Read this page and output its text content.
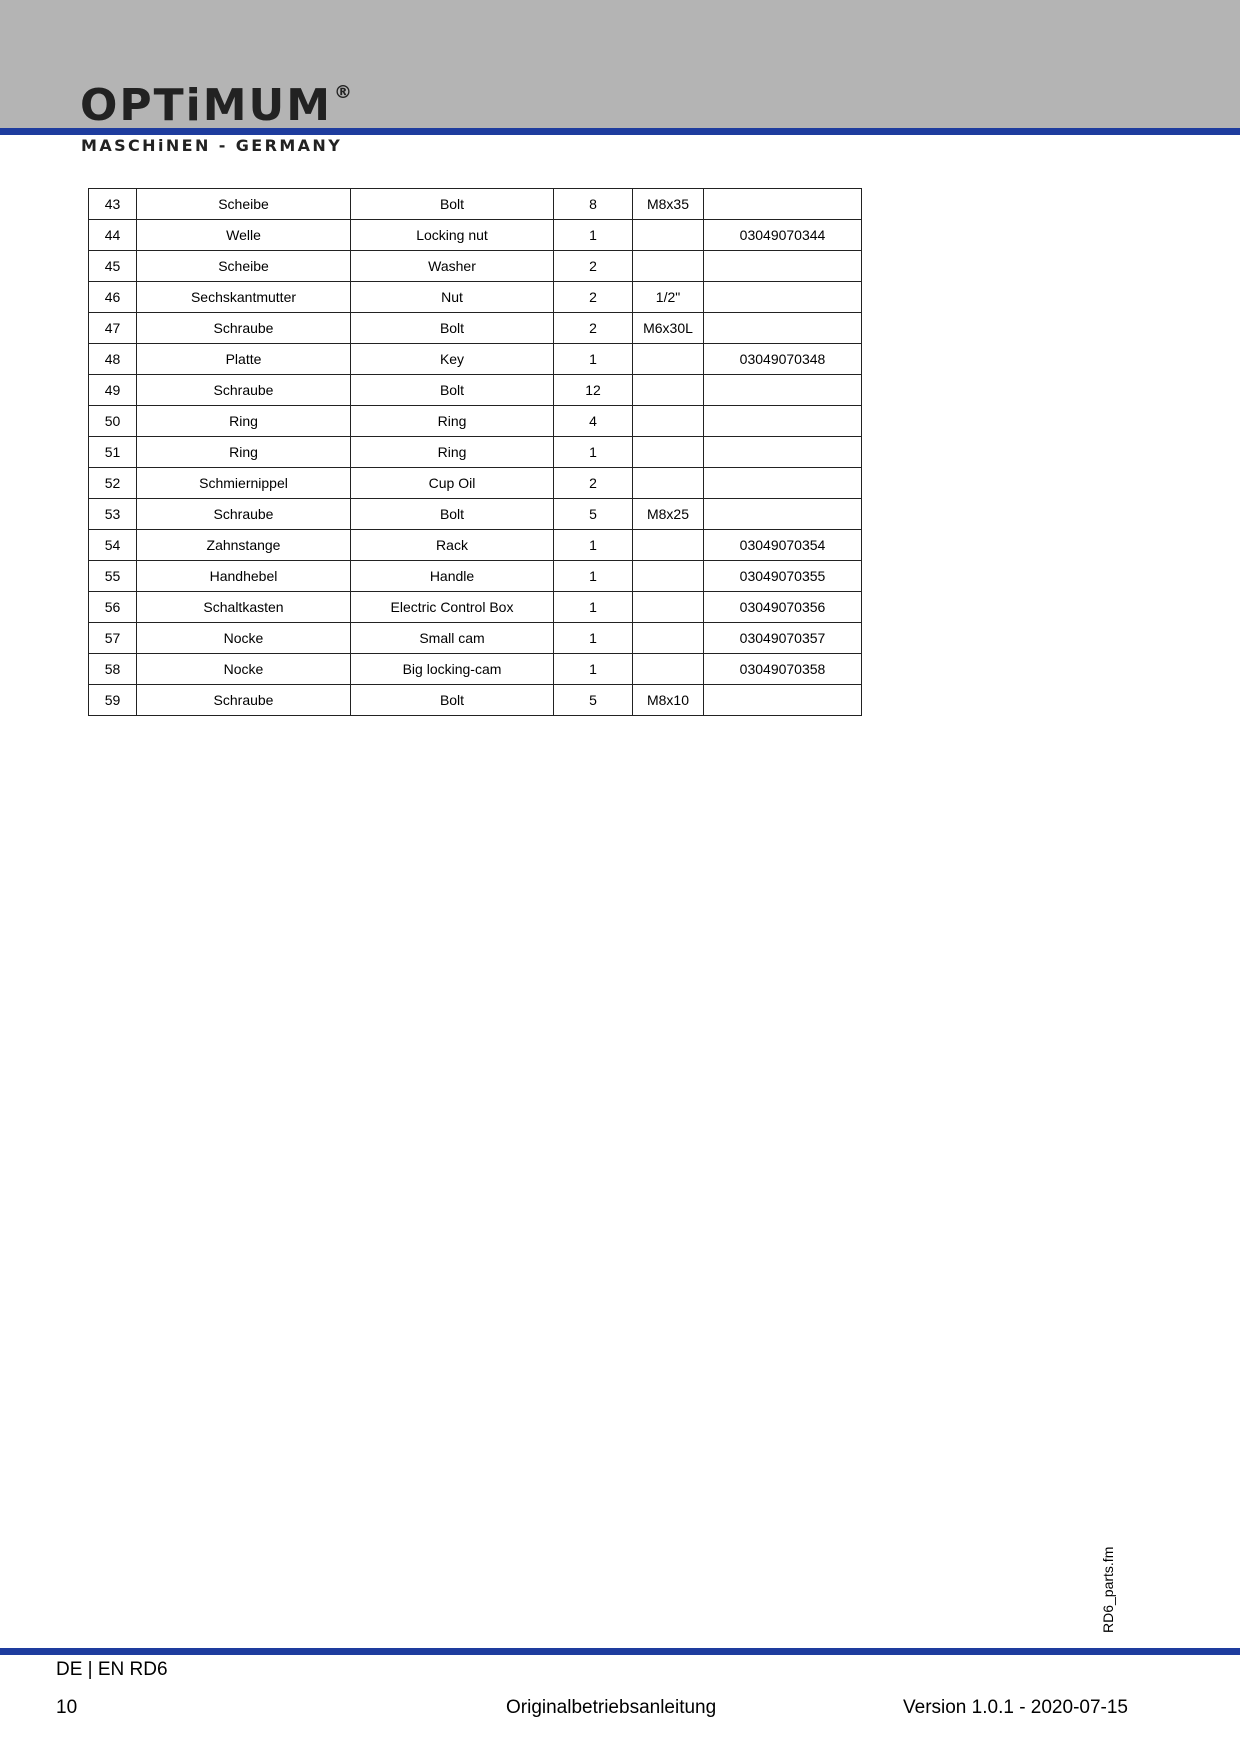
OPTiMUM ®
MASCHiNEN - GERMANY
43	Scheibe	Bolt	8	M8x35	
44	Welle	Locking nut	1		03049070344
45	Scheibe	Washer	2		
46	Sechskantmutter	Nut	2	1/2"	
47	Schraube	Bolt	2	M6x30L	
48	Platte	Key	1		03049070348
49	Schraube	Bolt	12		
50	Ring	Ring	4		
51	Ring	Ring	1		
52	Schmiernippel	Cup Oil	2		
53	Schraube	Bolt	5	M8x25	
54	Zahnstange	Rack	1		03049070354
55	Handhebel	Handle	1		03049070355
56	Schaltkasten	Electric Control Box	1		03049070356
57	Nocke	Small cam	1		03049070357
58	Nocke	Big locking-cam	1		03049070358
59	Schraube	Bolt	5	M8x10	
RD6_parts.fm
DE | EN RD6
10	Originalbetriebsanleitung	Version 1.0.1 - 2020-07-15
